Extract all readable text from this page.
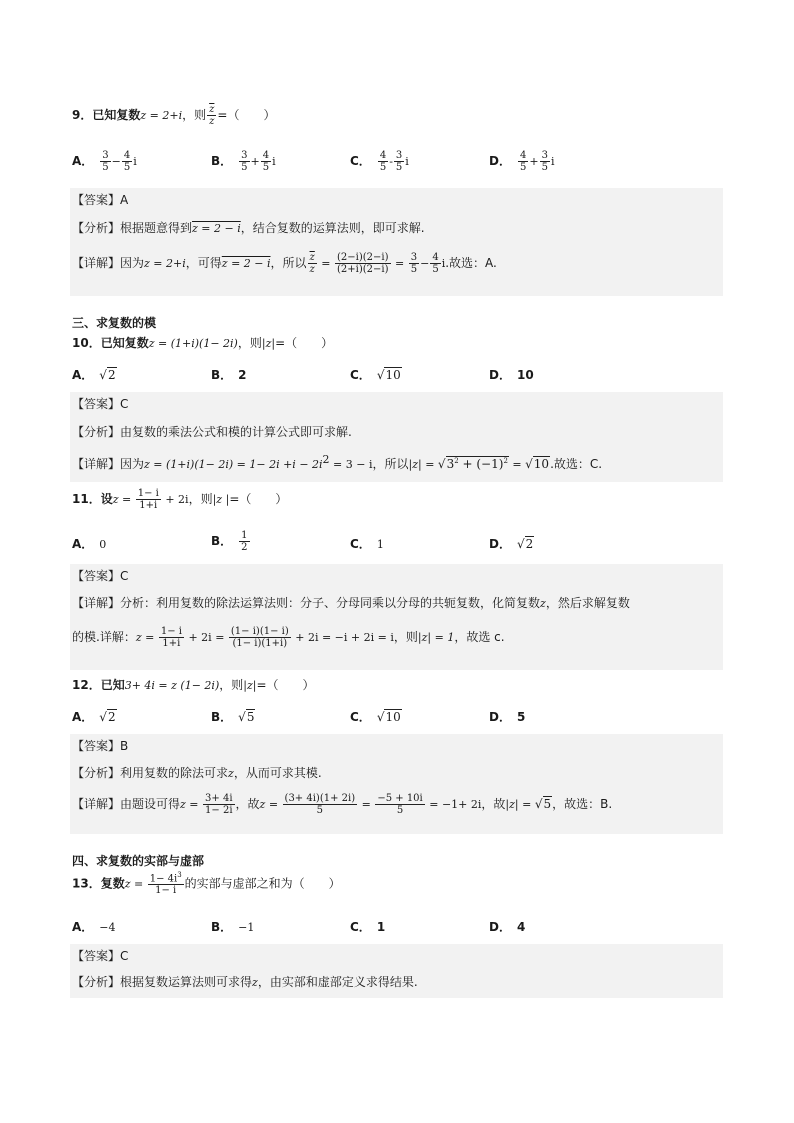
9．已知复数z = 2+i，则 $\frac{\overline{z}}{z}$ =（　　）
A． $\frac{3}{5} - \frac{4}{5}$ i	B． $\frac{3}{5} + \frac{4}{5}$ i	C． $\frac{4}{5} - \frac{3}{5}$ i	D． $\frac{4}{5} + \frac{3}{5}$ i
【答案】A
【分析】根据题意得到z = 2 − i，结合复数的运算法则，即可求解.
【详解】因为z = 2+i，可得z = 2 − i，所以 $\frac{\overline{z}}{z} = \frac{(2-i)(2-i)}{(2+i)(2-i)} = \frac{3}{5} - \frac{4}{5} i$.故选：A.
三、求复数的模
10．已知复数z = (1+i)(1− 2i)，则|z|=（　　）
A． √2	B． 2	C． √10	D． 10
【答案】C
【分析】由复数的乘法公式和模的计算公式即可求解.
【详解】因为$z = (1+i)(1- 2i) = 1- 2i +i - 2i^2 = 3 - i$，所以$|z| = √3^2 + (-1)^2 = √10$.故选：C.
11．设$z = \frac{1- i}{1+i} + 2i$，则|z |=（　　）
A． 0	B． $\frac{1}{2}$	C． 1	D． √2
【答案】C
【详解】分析：利用复数的除法运算法则：分子、分母同乘以分母的共轭复数，化简复数z，然后求解复数
的模.详解：$z = \frac{1- i}{1+i} + 2i = \frac{(1- i)(1- i)}{(1- i)(1+i)} + 2i = -i + 2i = i$，则|z| = 1，故选 c.
12．已知3+ 4i = z (1− 2i)，则|z|=（　　）
A． √2	B． √5	C． √10	D． 5
【答案】B
【分析】利用复数的除法可求z，从而可求其模.
【详解】由题设可得$z = \frac{3+ 4i}{1- 2i}$ ，故$z = \frac{(3+ 4i)(1+ 2i)}{5} = \frac{-5 + 10i}{5} = -1+ 2i$，故|z| = √5，故选：B.
四、求复数的实部与虚部
13．复数$z = \frac{1- 4i^3}{1- i}$ 的实部与虚部之和为（　　）
A． −4	B． −1	C． 1	D． 4
【答案】C
【分析】根据复数运算法则可求得z，由实部和虚部定义求得结果.
